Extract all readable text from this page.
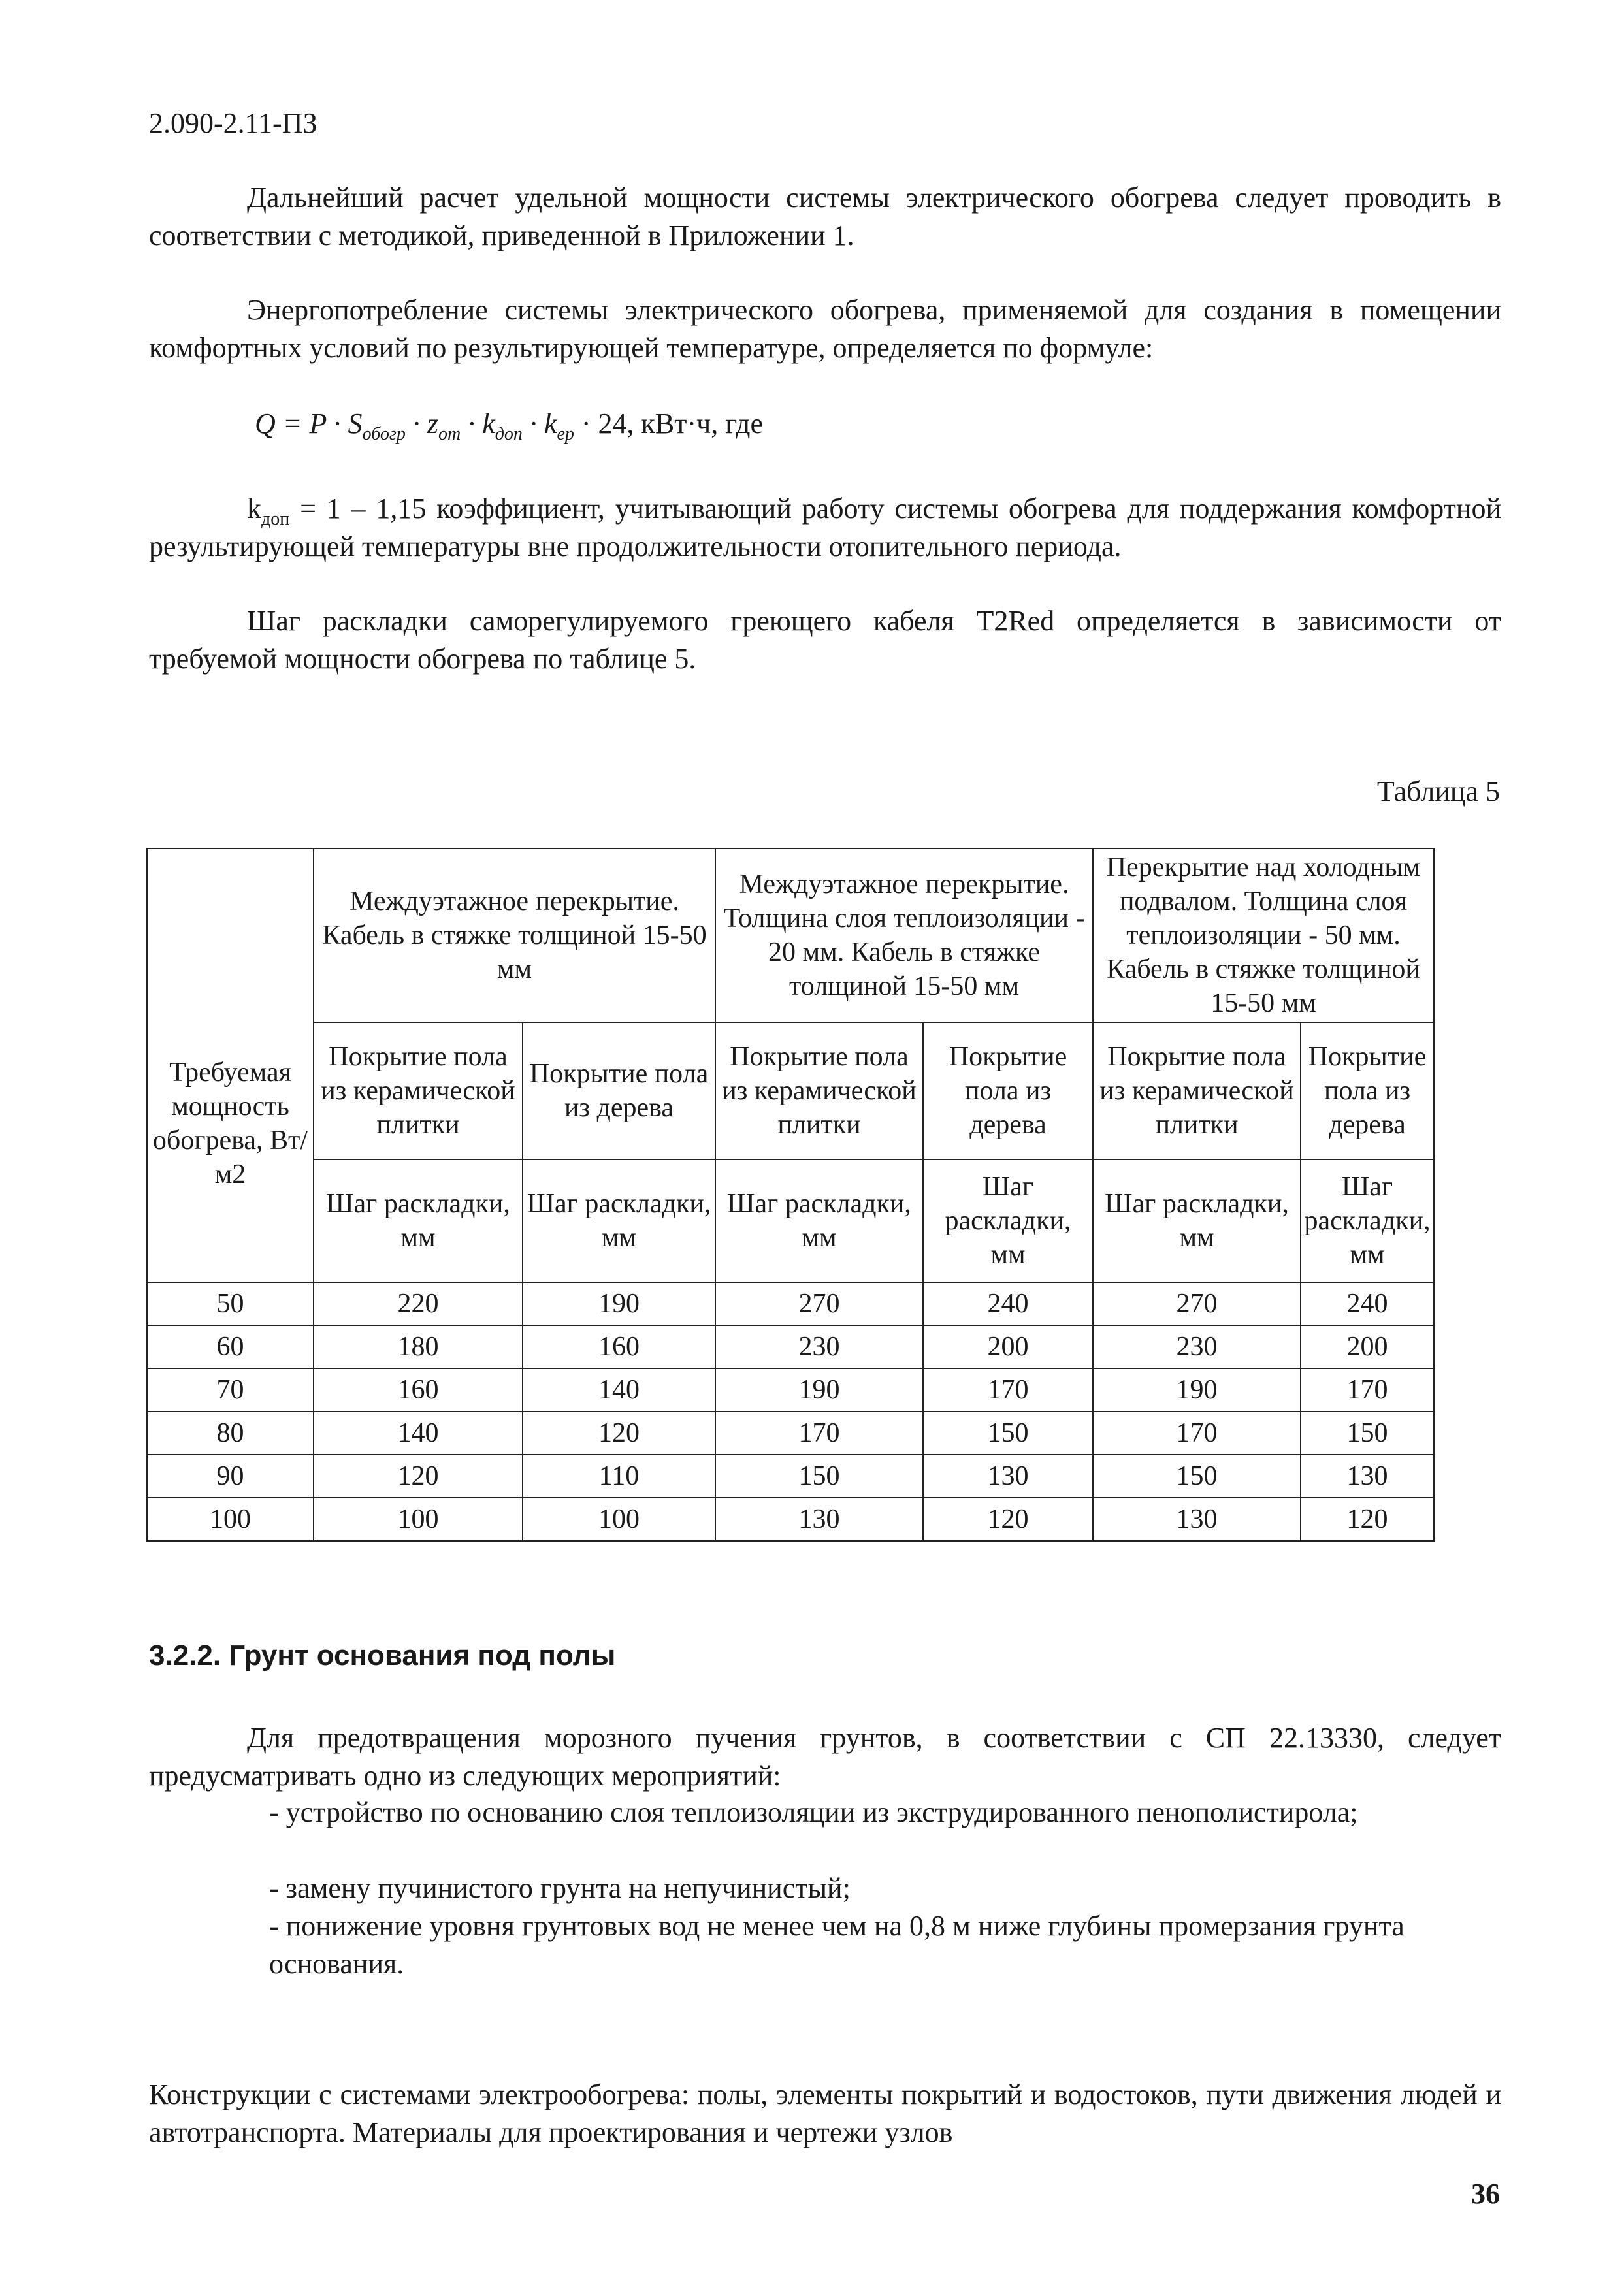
2.090-2.11-ПЗ
Дальнейший расчет удельной мощности системы электрического обогрева следует проводить в соответствии с методикой, приведенной в Приложении 1.
Энергопотребление системы электрического обогрева, применяемой для создания в помещении комфортных условий по результирующей температуре, определяется по формуле:
$Q = P \cdot S_{обогр} \cdot z_{от} \cdot k_{доп} \cdot k_{ер} \cdot 24$, кВт·ч, где
$k_{доп} = 1 - 1,15$ коэффициент, учитывающий работу системы обогрева для поддержания комфортной результирующей температуры вне продолжительности отопительного периода.
Шаг раскладки саморегулируемого греющего кабеля T2Red определяется в зависимости от требуемой мощности обогрева по таблице 5.
Таблица 5
Требуемая мощность обогрева, Вт/м2	Междуэтажное перекрытие. Кабель в стяжке толщиной 15-50 мм		Междуэтажное перекрытие. Толщина слоя теплоизоляции - 20 мм. Кабель в стяжке толщиной 15-50 мм		Перекрытие над холодным подвалом. Толщина слоя теплоизоляции - 50 мм. Кабель в стяжке толщиной 15-50 мм	
	Покрытие пола из керамической плитки	Покрытие пола из дерева	Покрытие пола из керамической плитки	Покрытие пола из дерева	Покрытие пола из керамической плитки	Покрытие пола из дерева
	Шаг раскладки, мм	Шаг раскладки, мм	Шаг раскладки, мм	Шаг раскладки, мм	Шаг раскладки, мм	Шаг раскладки, мм
50	220	190	270	240	270	240
60	180	160	230	200	230	200
70	160	140	190	170	190	170
80	140	120	170	150	170	150
90	120	110	150	130	150	130
100	100	100	130	120	130	120
3.2.2. Грунт основания под полы
Для предотвращения морозного пучения грунтов, в соответствии с СП 22.13330, следует предусматривать одно из следующих мероприятий:
- устройство по основанию слоя теплоизоляции из экструдированного пенополистирола;
- замену пучинистого грунта на непучинистый;
- понижение уровня грунтовых вод не менее чем на 0,8 м ниже глубины промерзания грунта основания.
Конструкции с системами электрообогрева: полы, элементы покрытий и водостоков, пути движения людей и автотранспорта. Материалы для проектирования и чертежи узлов
36
